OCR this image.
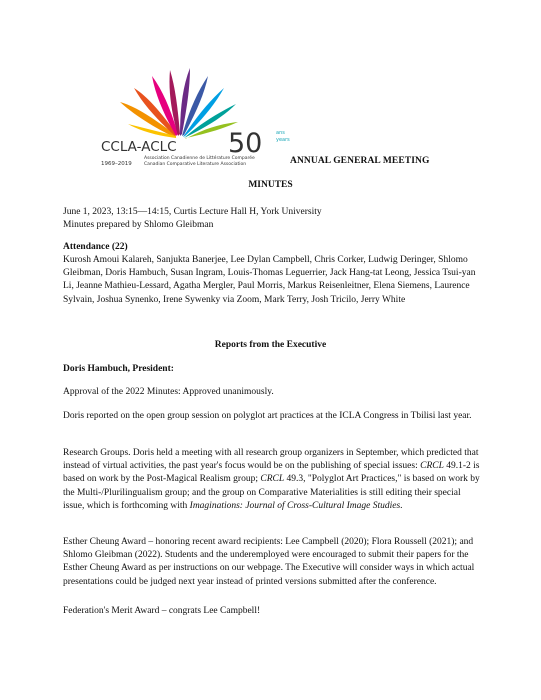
CCLA-ACLC 50	ans
years
Association Canadienne de Littérature Comparée
Canadian Comparative Literature Association
1969–2019	ANNUAL GENERAL MEETING
MINUTES
June 1, 2023, 13:15—14:15, Curtis Lecture Hall H, York University
Minutes prepared by Shlomo Gleibman
Attendance (22)
Kurosh Amoui Kalareh, Sanjukta Banerjee, Lee Dylan Campbell, Chris Corker, Ludwig Deringer, Shlomo Gleibman, Doris Hambuch, Susan Ingram, Louis-Thomas Leguerrier, Jack Hang-tat Leong, Jessica Tsui-yan Li, Jeanne Mathieu-Lessard, Agatha Mergler, Paul Morris, Markus Reisenleitner, Elena Siemens, Laurence Sylvain, Joshua Synenko, Irene Sywenky via Zoom, Mark Terry, Josh Tricilo, Jerry White
Reports from the Executive
Doris Hambuch, President:
Approval of the 2022 Minutes: Approved unanimously.
Doris reported on the open group session on polyglot art practices at the ICLA Congress in Tbilisi last year.
Research Groups. Doris held a meeting with all research group organizers in September, which predicted that instead of virtual activities, the past year's focus would be on the publishing of special issues: CRCL 49.1-2 is based on work by the Post-Magical Realism group; CRCL 49.3, "Polyglot Art Practices," is based on work by the Multi-/Plurilingualism group; and the group on Comparative Materialities is still editing their special issue, which is forthcoming with Imaginations: Journal of Cross-Cultural Image Studies.
Esther Cheung Award – honoring recent award recipients: Lee Campbell (2020); Flora Roussell (2021); and Shlomo Gleibman (2022). Students and the underemployed were encouraged to submit their papers for the Esther Cheung Award as per instructions on our webpage. The Executive will consider ways in which actual presentations could be judged next year instead of printed versions submitted after the conference.
Federation's Merit Award – congrats Lee Campbell!
